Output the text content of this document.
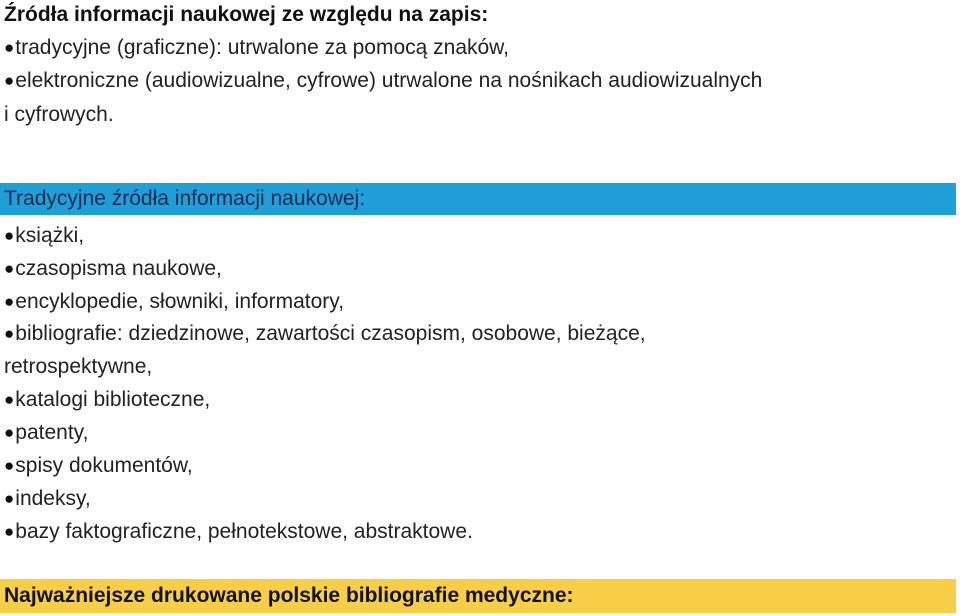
Źródła informacji naukowej ze względu na zapis:
●tradycyjne (graficzne): utrwalone za pomocą znaków,
●elektroniczne (audiowizualne, cyfrowe) utrwalone na nośnikach audiowizualnych
i cyfrowych.
Tradycyjne źródła informacji naukowej:
●książki,
●czasopisma naukowe,
●encyklopedie, słowniki, informatory,
●bibliografie: dziedzinowe, zawartości czasopism, osobowe, bieżące,
retrospektywne,
●katalogi biblioteczne,
●patenty,
●spisy dokumentów,
●indeksy,
●bazy faktograficzne, pełnotekstowe, abstraktowe.
Najważniejsze drukowane polskie bibliografie medyczne:
